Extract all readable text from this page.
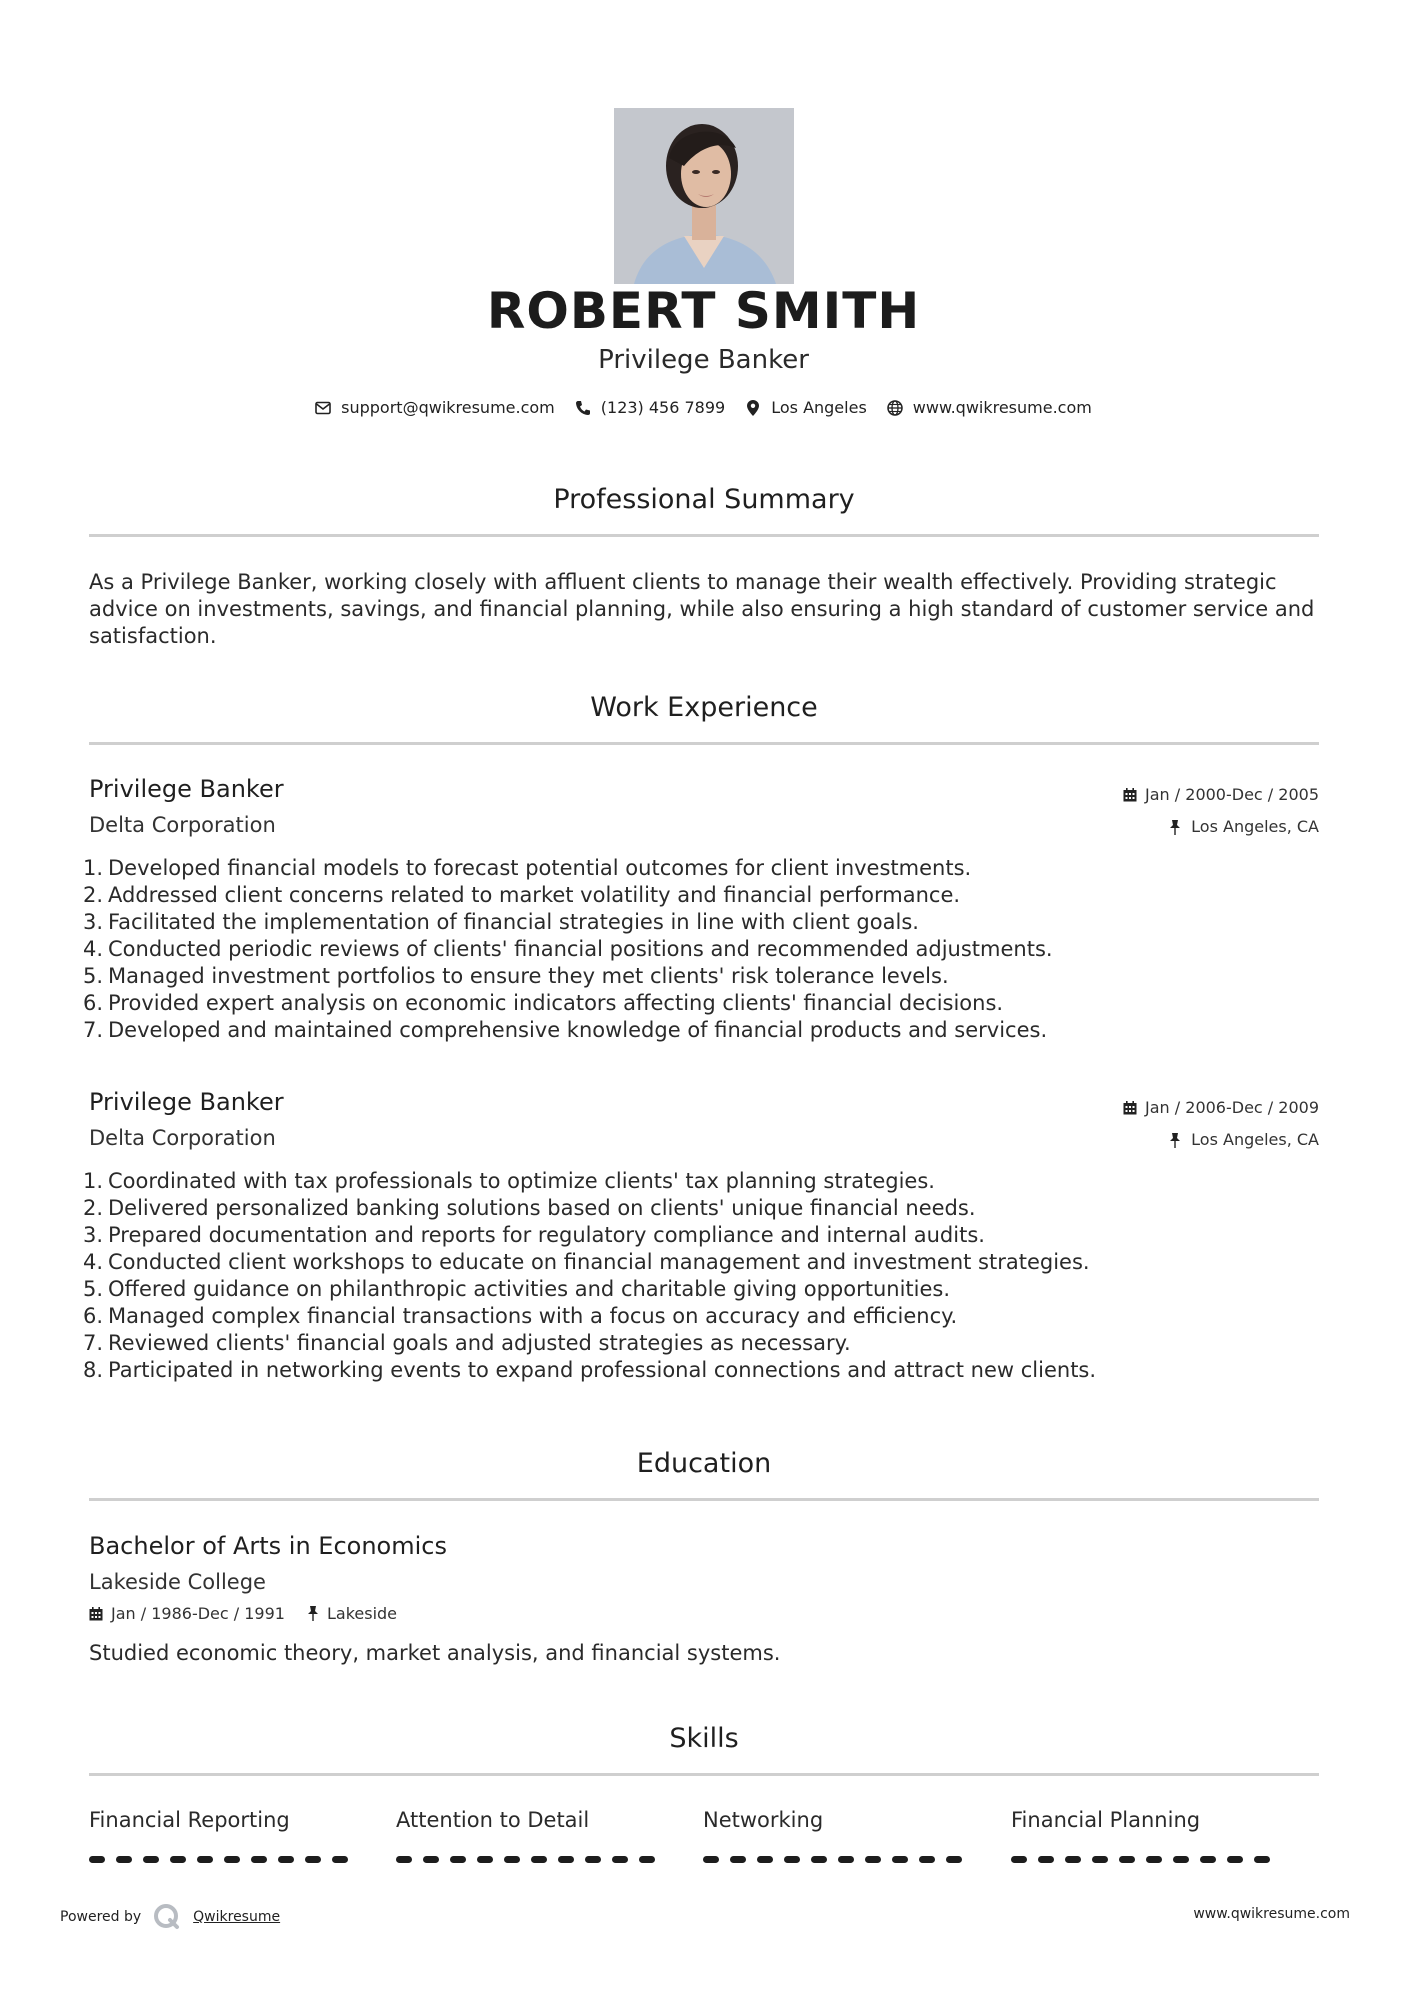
ROBERT SMITH
Privilege Banker
support@qwikresume.com	(123) 456 7899	Los Angeles	www.qwikresume.com
Professional Summary
As a Privilege Banker, working closely with affluent clients to manage their wealth effectively. Providing strategic advice on investments, savings, and financial planning, while also ensuring a high standard of customer service and satisfaction.
Work Experience
Privilege Banker
Delta Corporation
Jan / 2000-Dec / 2005
Los Angeles, CA
1. Developed financial models to forecast potential outcomes for client investments.
2. Addressed client concerns related to market volatility and financial performance.
3. Facilitated the implementation of financial strategies in line with client goals.
4. Conducted periodic reviews of clients' financial positions and recommended adjustments.
5. Managed investment portfolios to ensure they met clients' risk tolerance levels.
6. Provided expert analysis on economic indicators affecting clients' financial decisions.
7. Developed and maintained comprehensive knowledge of financial products and services.
Privilege Banker
Delta Corporation
Jan / 2006-Dec / 2009
Los Angeles, CA
1. Coordinated with tax professionals to optimize clients' tax planning strategies.
2. Delivered personalized banking solutions based on clients' unique financial needs.
3. Prepared documentation and reports for regulatory compliance and internal audits.
4. Conducted client workshops to educate on financial management and investment strategies.
5. Offered guidance on philanthropic activities and charitable giving opportunities.
6. Managed complex financial transactions with a focus on accuracy and efficiency.
7. Reviewed clients' financial goals and adjusted strategies as necessary.
8. Participated in networking events to expand professional connections and attract new clients.
Education
Bachelor of Arts in Economics
Lakeside College
Jan / 1986-Dec / 1991	Lakeside
Studied economic theory, market analysis, and financial systems.
Skills
Financial Reporting	Attention to Detail	Networking	Financial Planning
Powered by	Qwikresume	www.qwikresume.com
